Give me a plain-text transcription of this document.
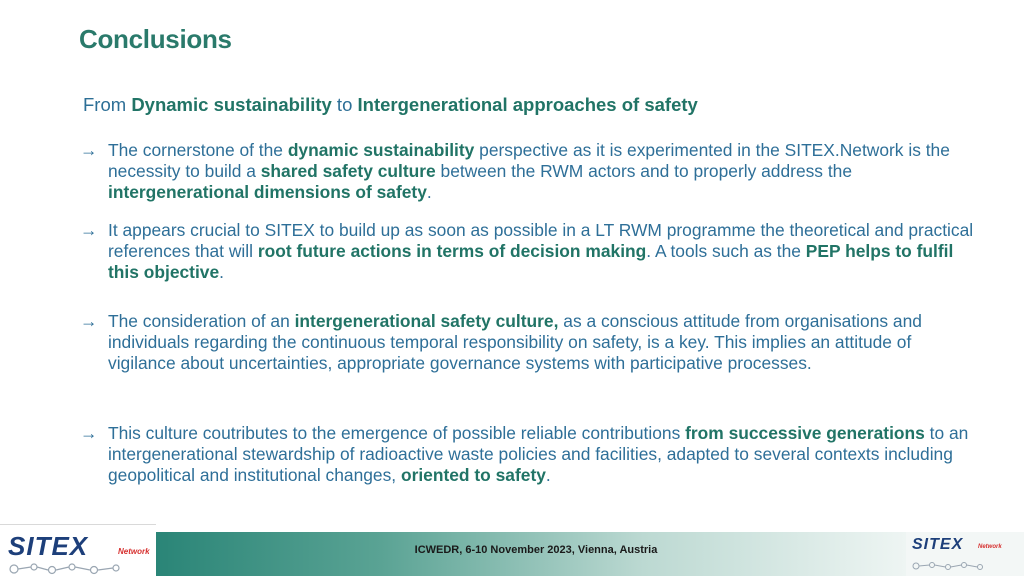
Conclusions
From Dynamic sustainability to Intergenerational approaches of safety
→ The cornerstone of the dynamic sustainability perspective as it is experimented in the SITEX.Network is the necessity to build a shared safety culture between the RWM actors and to properly address the intergenerational dimensions of safety.
→ It appears crucial to SITEX to build up as soon as possible in a LT RWM programme the theoretical and practical references that will root future actions in terms of decision making. A tools such as the PEP helps to fulfil this objective.
→ The consideration of an intergenerational safety culture, as a conscious attitude from organisations and individuals regarding the continuous temporal responsibility on safety, is a key. This implies an attitude of vigilance about uncertainties, appropriate governance systems with participative processes.
→ This culture coutributes to the emergence of possible reliable contributions from successive generations to an intergenerational stewardship of radioactive waste policies and facilities, adapted to several contexts including geopolitical and institutional changes, oriented to safety.
SITEX	Network	ICWEDR, 6-10 November 2023, Vienna, Austria	SITEX Network
